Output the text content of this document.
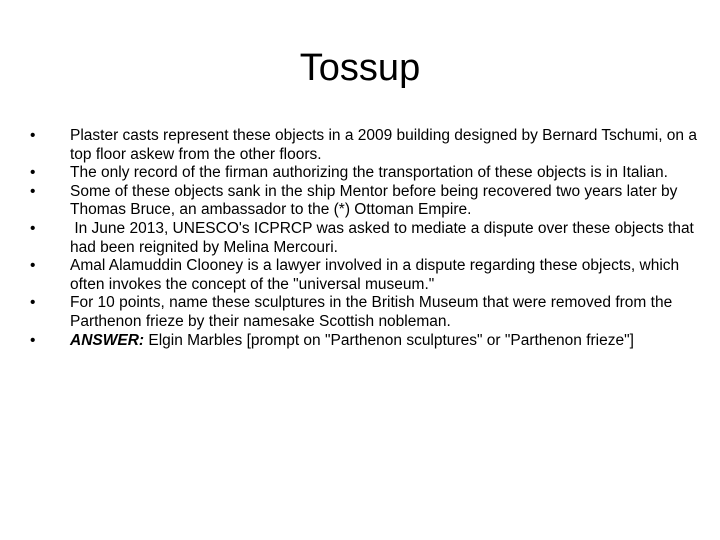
Tossup
•	Plaster casts represent these objects in a 2009 building designed by Bernard Tschumi, on a top floor askew from the other floors.
•	The only record of the firman authorizing the transportation of these objects is in Italian.
•	Some of these objects sank in the ship Mentor before being recovered two years later by Thomas Bruce, an ambassador to the (*) Ottoman Empire.
•	In June 2013, UNESCO's ICPRCP was asked to mediate a dispute over these objects that had been reignited by Melina Mercouri.
•	Amal Alamuddin Clooney is a lawyer involved in a dispute regarding these objects, which often invokes the concept of the "universal museum."
•	For 10 points, name these sculptures in the British Museum that were removed from the Parthenon frieze by their namesake Scottish nobleman.
•	ANSWER: Elgin Marbles [prompt on "Parthenon sculptures" or "Parthenon frieze"]
